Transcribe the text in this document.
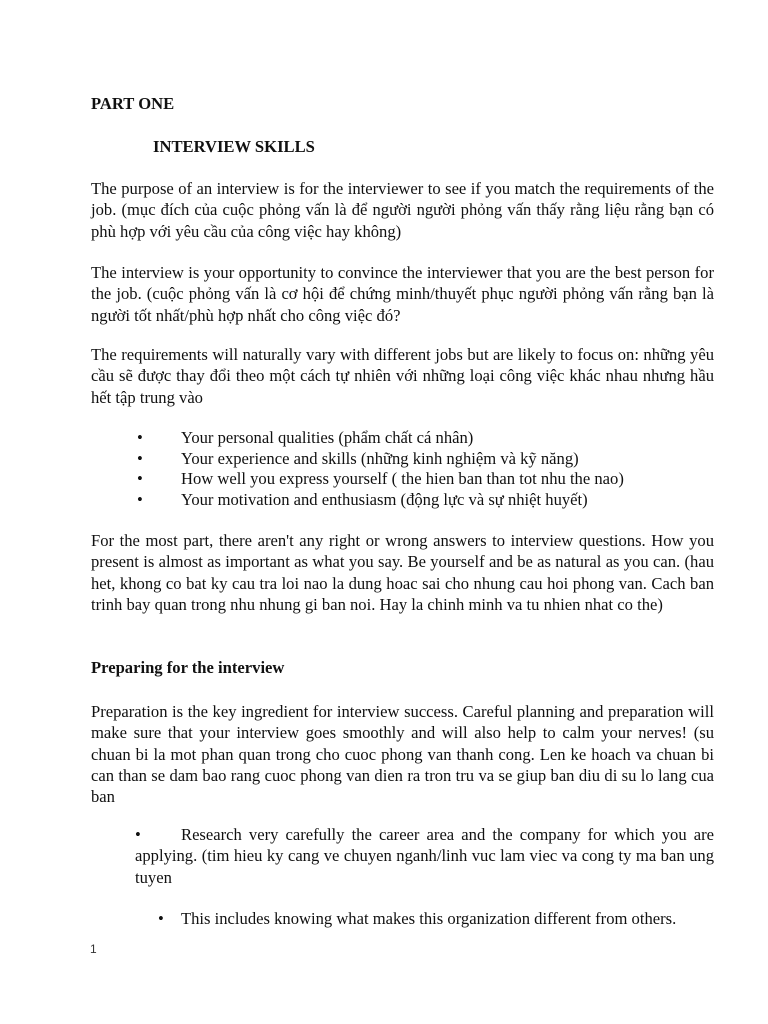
PART ONE
INTERVIEW SKILLS
The purpose of an interview is for the interviewer to see if you match the requirements of the job. (mục đích của cuộc phỏng vấn là để người người phỏng vấn thấy rằng liệu rằng bạn có phù hợp với yêu cầu của công việc hay không)
The interview is your opportunity to convince the interviewer that you are the best person for the job. (cuộc phỏng vấn là cơ hội để chứng minh/thuyết phục người phỏng vấn rằng bạn là người tốt nhất/phù hợp nhất cho công việc đó?
The requirements will naturally vary with different jobs but are likely to focus on: những yêu cầu sẽ được thay đổi theo một cách tự nhiên với những loại công việc khác nhau nhưng hầu hết tập trung vào
• Your personal qualities (phẩm chất cá nhân)
• Your experience and skills (những kinh nghiệm và kỹ năng)
• How well you express yourself ( the hien ban than tot nhu the nao)
• Your motivation and enthusiasm (động lực và sự nhiệt huyết)
For the most part, there aren't any right or wrong answers to interview questions. How you present is almost as important as what you say. Be yourself and be as natural as you can. (hau het, khong co bat ky cau tra loi nao la dung hoac sai cho nhung cau hoi phong van. Cach ban trinh bay quan trong nhu nhung gi ban noi. Hay la chinh minh va tu nhien nhat co the)
Preparing for the interview
Preparation is the key ingredient for interview success. Careful planning and preparation will make sure that your interview goes smoothly and will also help to calm your nerves! (su chuan bi la mot phan quan trong cho cuoc phong van thanh cong. Len ke hoach va chuan bi can than se dam bao rang cuoc phong van dien ra tron tru va se giup ban diu di su lo lang cua ban
• Research very carefully the career area and the company for which you are applying. (tim hieu ky cang ve chuyen nganh/linh vuc lam viec va cong ty ma ban ung tuyen
• This includes knowing what makes this organization different from others.
1
